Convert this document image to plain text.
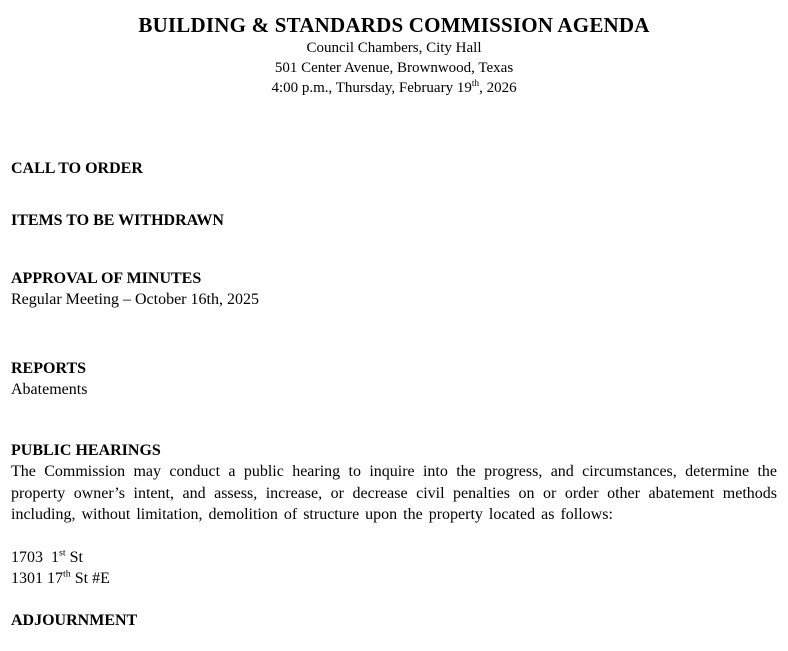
BUILDING & STANDARDS COMMISSION AGENDA

Council Chambers, City Hall

501 Center Avenue, Brownwood, Texas

4:00 p.m., Thursday, February 19th, 2026

CALL TO ORDER
ITEMS TO BE WITHDRAWN
APPROVAL OF MINUTES

Regular Meeting – October 16th, 2025

REPORTS

Abatements

PUBLIC HEARINGS

The Commission may conduct a public hearing to inquire into the progress, and circumstances, determine the property owner’s intent, and assess, increase, or decrease civil penalties on or order other abatement methods including, without limitation, demolition of structure upon the property located as follows:

1703  1st St

1301 17th St #E

ADJOURNMENT
